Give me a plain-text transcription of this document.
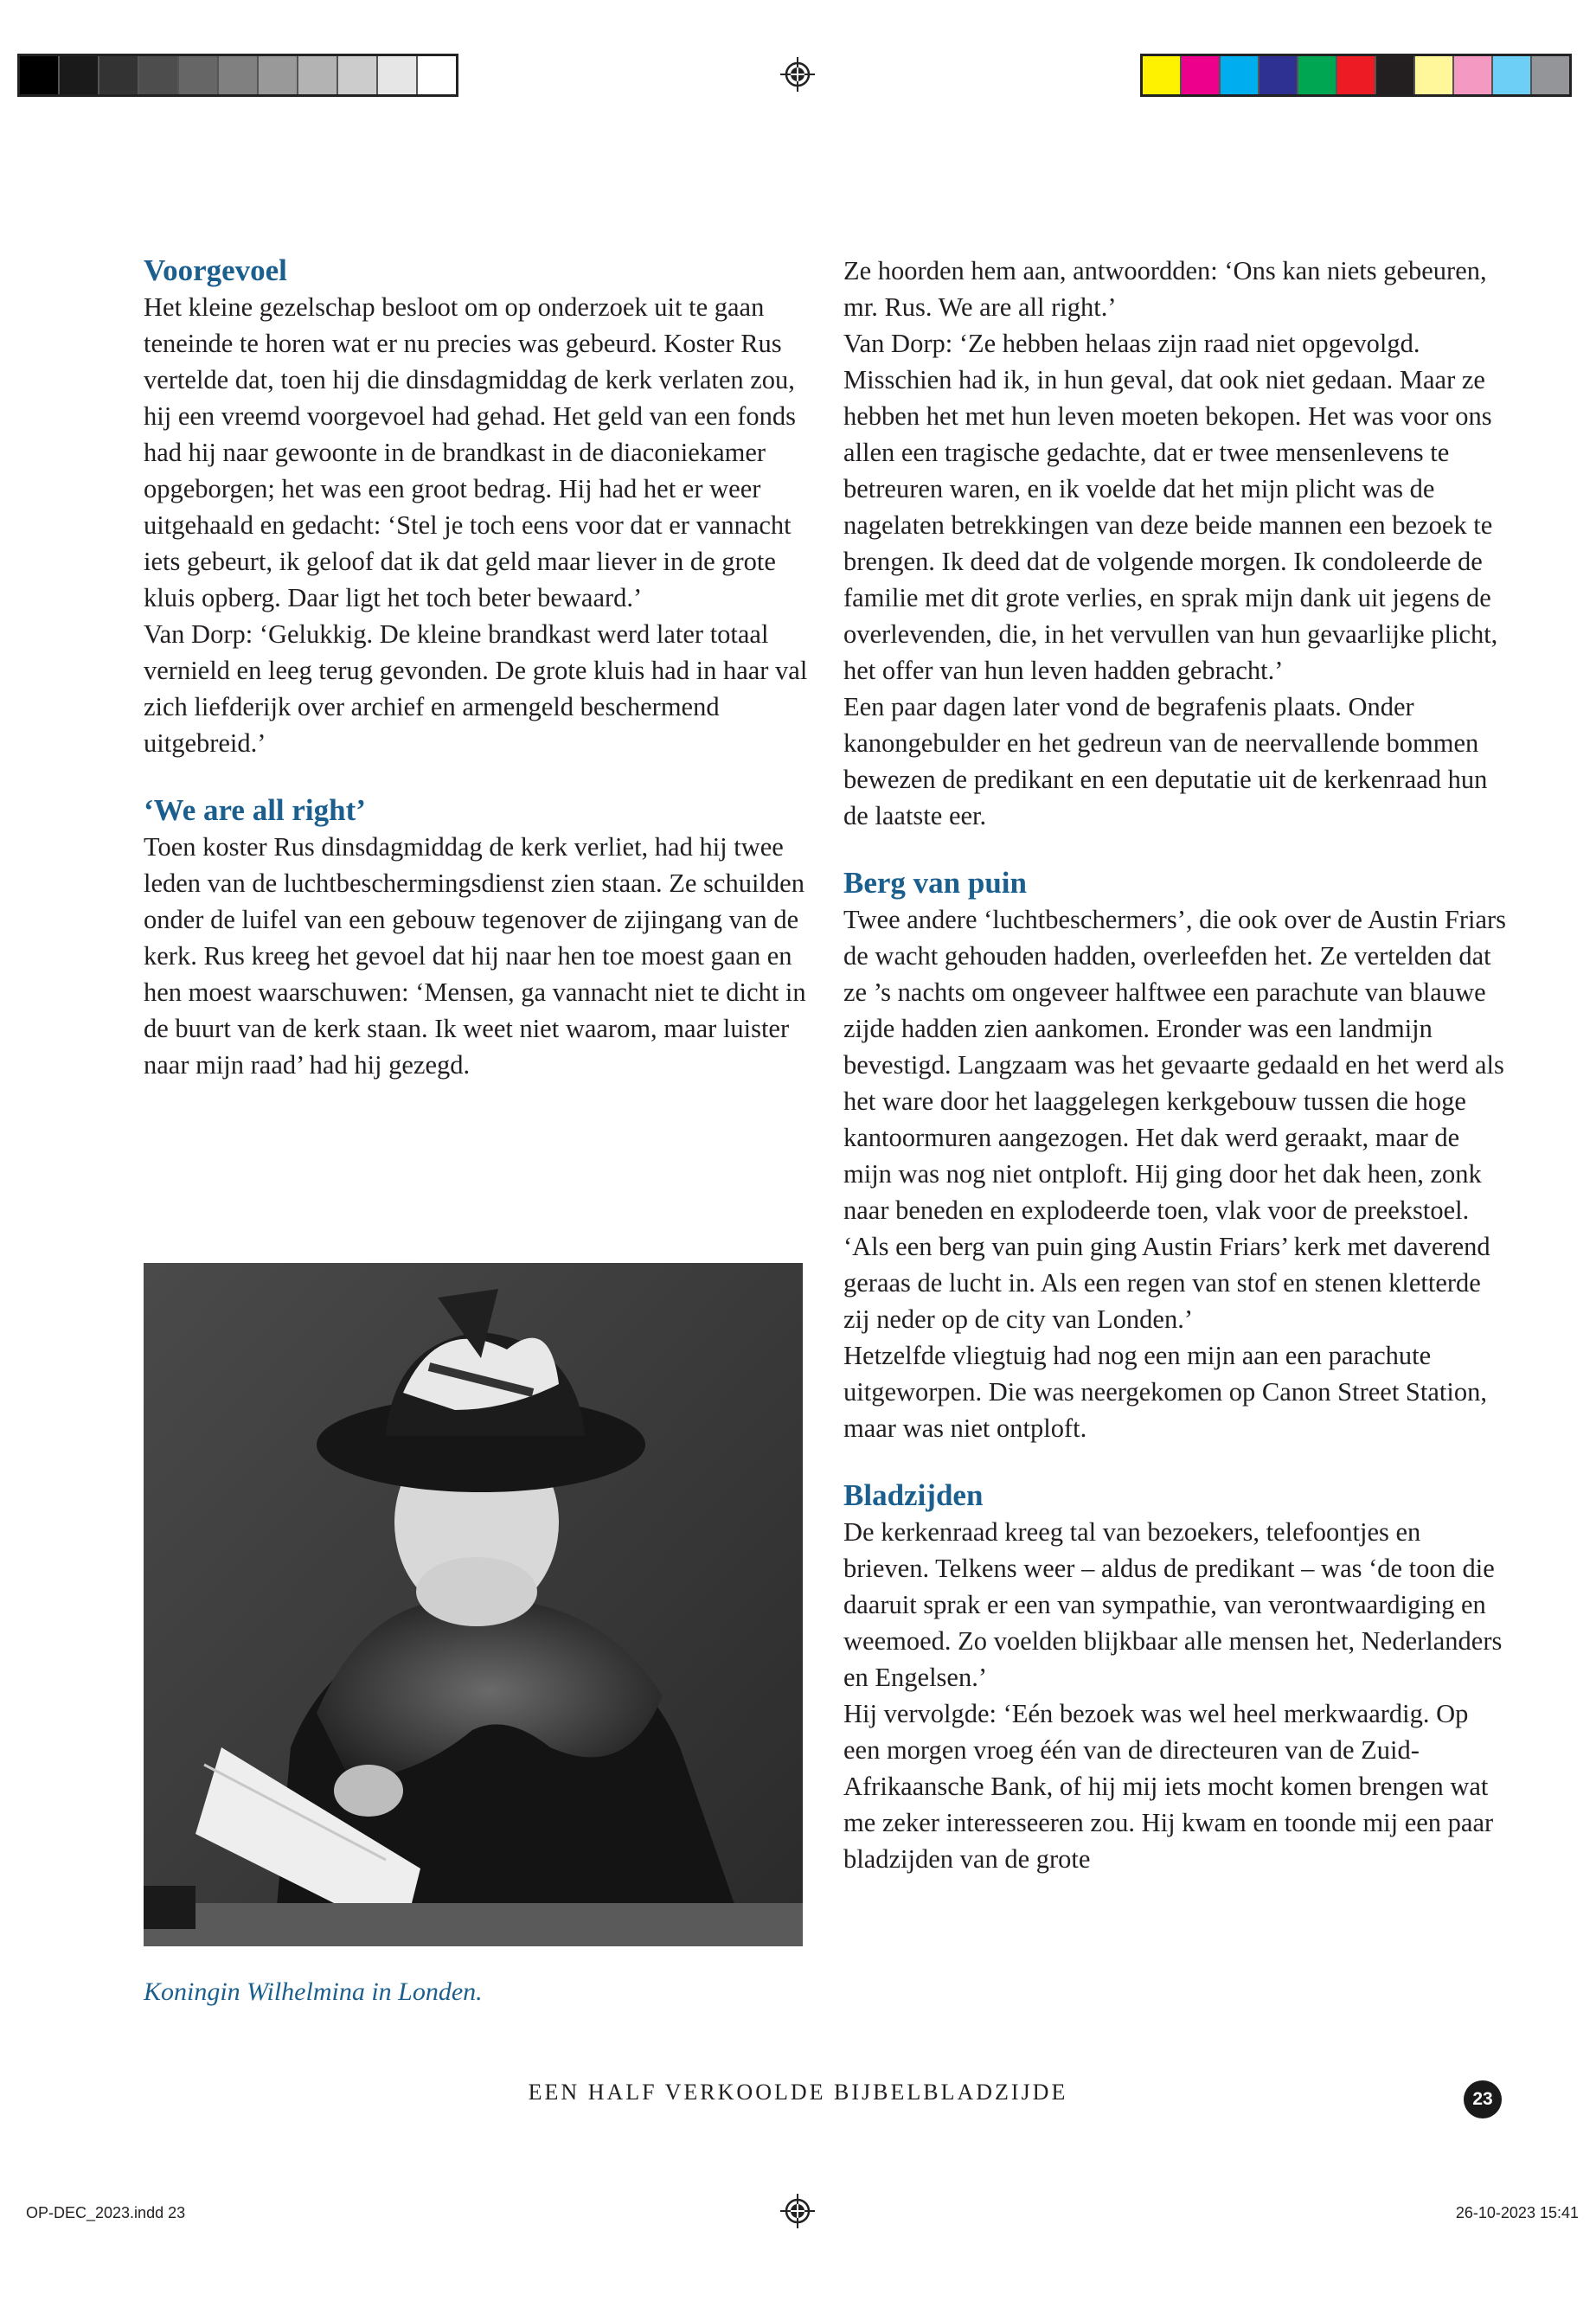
Voorgevoel

Het kleine gezelschap besloot om op onderzoek uit te gaan teneinde te horen wat er nu precies was gebeurd. Koster Rus vertelde dat, toen hij die dinsdagmiddag de kerk verlaten zou, hij een vreemd voorgevoel had gehad. Het geld van een fonds had hij naar gewoonte in de brandkast in de diaconiekamer opgeborgen; het was een groot bedrag. Hij had het er weer uitgehaald en gedacht: ‘Stel je toch eens voor dat er vannacht iets gebeurt, ik geloof dat ik dat geld maar liever in de grote kluis opberg. Daar ligt het toch beter bewaard.’

Van Dorp: ‘Gelukkig. De kleine brandkast werd later totaal vernield en leeg terug gevonden. De grote kluis had in haar val zich liefderijk over archief en armengeld beschermend uitgebreid.’

‘We are all right’

Toen koster Rus dinsdagmiddag de kerk verliet, had hij twee leden van de luchtbeschermingsdienst zien staan. Ze schuilden onder de luifel van een gebouw tegenover de zijingang van de kerk. Rus kreeg het gevoel dat hij naar hen toe moest gaan en hen moest waarschuwen: ‘Mensen, ga vannacht niet te dicht in de buurt van de kerk staan. Ik weet niet waarom, maar luister naar mijn raad’ had hij gezegd.

Koningin Wilhelmina in Londen.

Ze hoorden hem aan, antwoordden: ‘Ons kan niets gebeuren, mr. Rus. We are all right.’

Van Dorp: ‘Ze hebben helaas zijn raad niet opgevolgd. Misschien had ik, in hun geval, dat ook niet gedaan. Maar ze hebben het met hun leven moeten bekopen. Het was voor ons allen een tragische gedachte, dat er twee mensenlevens te betreuren waren, en ik voelde dat het mijn plicht was de nagelaten betrekkingen van deze beide mannen een bezoek te brengen. Ik deed dat de volgende morgen. Ik condoleerde de familie met dit grote verlies, en sprak mijn dank uit jegens de overlevenden, die, in het vervullen van hun gevaarlijke plicht, het offer van hun leven hadden gebracht.’

Een paar dagen later vond de begrafenis plaats. Onder kanongebulder en het gedreun van de neervallende bommen bewezen de predikant en een deputatie uit de kerkenraad hun de laatste eer.

Berg van puin

Twee andere ‘luchtbeschermers’, die ook over de Austin Friars de wacht gehouden hadden, overleefden het. Ze vertelden dat ze ’s nachts om ongeveer halftwee een parachute van blauwe zijde hadden zien aankomen. Eronder was een landmijn bevestigd. Langzaam was het gevaarte gedaald en het werd als het ware door het laaggelegen kerkgebouw tussen die hoge kantoormuren aangezogen. Het dak werd geraakt, maar de mijn was nog niet ontploft. Hij ging door het dak heen, zonk naar beneden en explodeerde toen, vlak voor de preekstoel. ‘Als een berg van puin ging Austin Friars’ kerk met daverend geraas de lucht in. Als een regen van stof en stenen kletterde zij neder op de city van Londen.’

Hetzelfde vliegtuig had nog een mijn aan een parachute uitgeworpen. Die was neergekomen op Canon Street Station, maar was niet ontploft.

Bladzijden

De kerkenraad kreeg tal van bezoekers, telefoontjes en brieven. Telkens weer – aldus de predikant – was ‘de toon die daaruit sprak er een van sympathie, van verontwaardiging en weemoed. Zo voelden blijkbaar alle mensen het, Nederlanders en Engelsen.’

Hij vervolgde: ‘Eén bezoek was wel heel merkwaardig. Op een morgen vroeg één van de directeuren van de Zuid-Afrikaansche Bank, of hij mij iets mocht komen brengen wat me zeker interesseeren zou. Hij kwam en toonde mij een paar bladzijden van de grote

EEN HALF VERKOOLDE BIJBELBLADZIJDE	23
OP-DEC_2023.indd 23	26-10-2023 15:41
